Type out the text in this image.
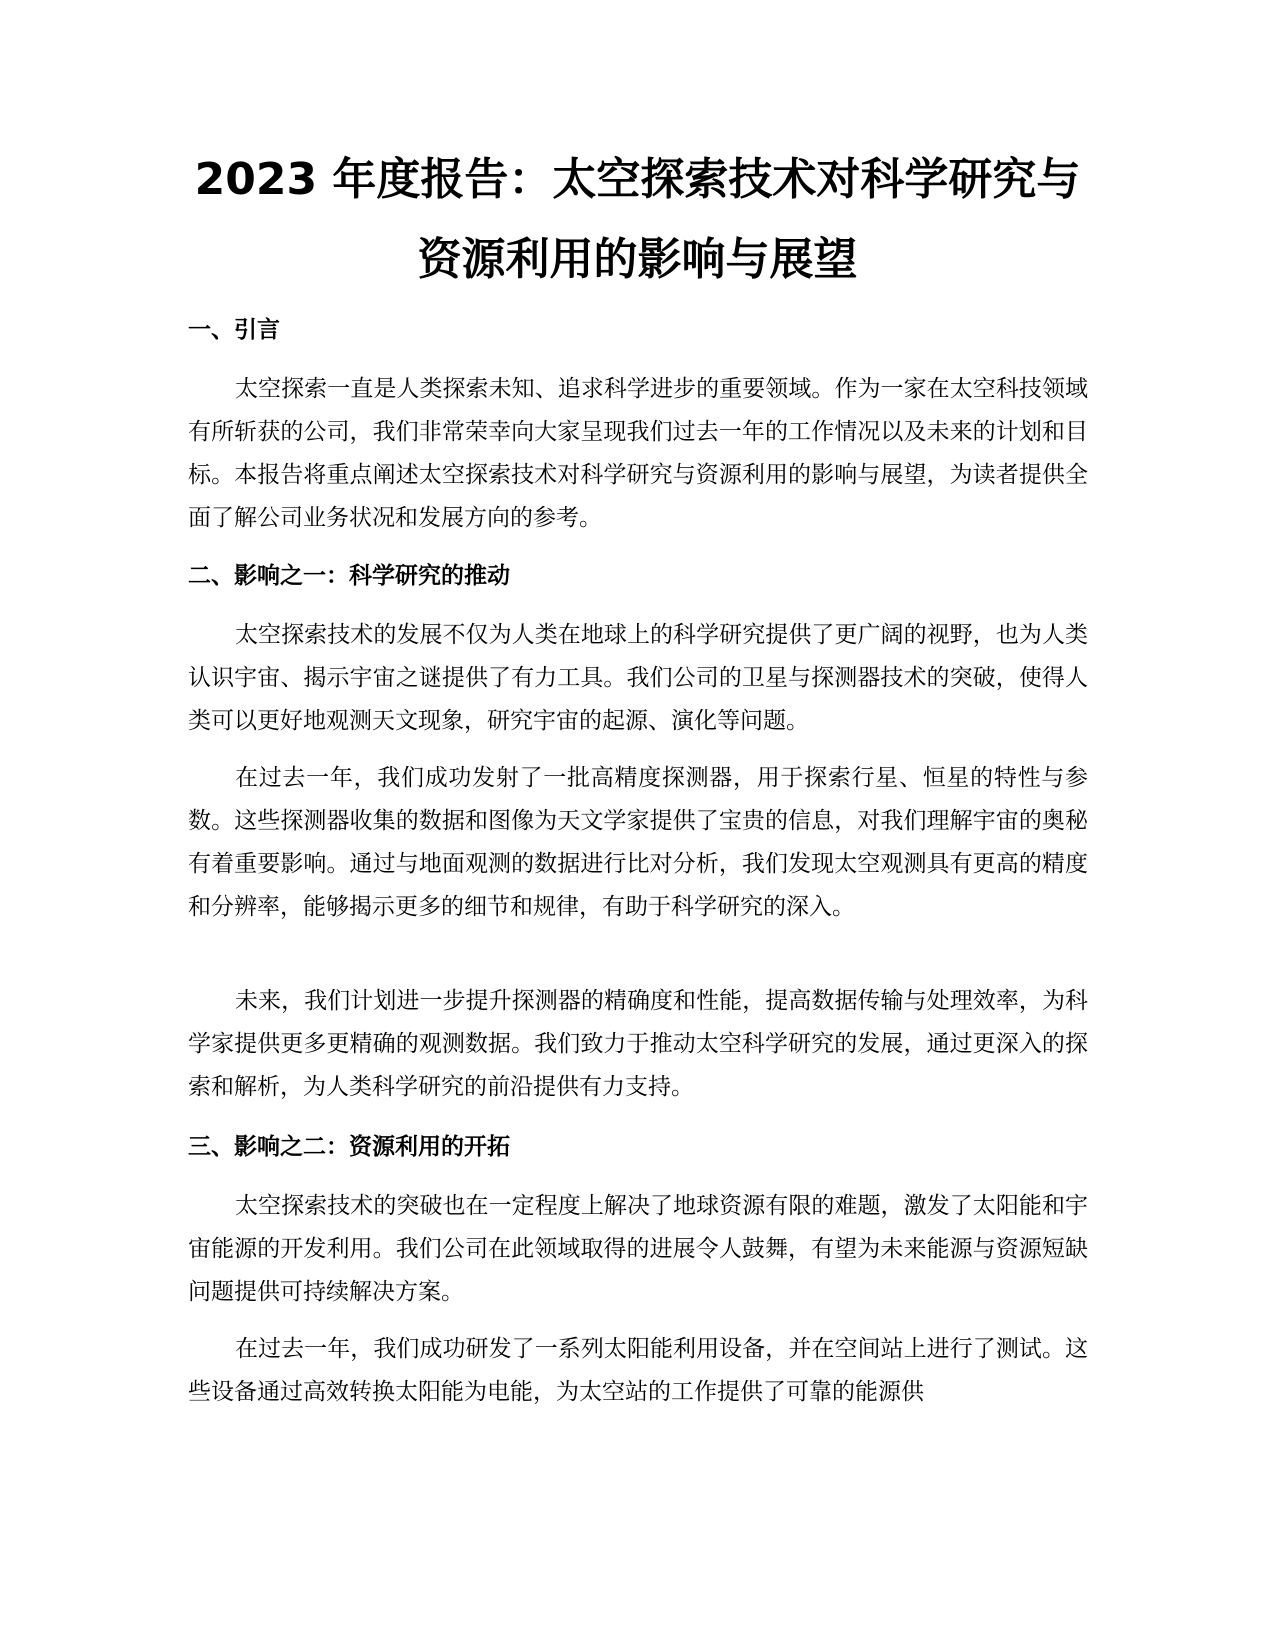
2023 年度报告：太空探索技术对科学研究与
资源利用的影响与展望
一、引言

太空探索一直是人类探索未知、追求科学进步的重要领域。作为一家在太空科技领域有所斩获的公司，我们非常荣幸向大家呈现我们过去一年的工作情况以及未来的计划和目标。本报告将重点阐述太空探索技术对科学研究与资源利用的影响与展望，为读者提供全面了解公司业务状况和发展方向的参考。

二、影响之一：科学研究的推动

太空探索技术的发展不仅为人类在地球上的科学研究提供了更广阔的视野，也为人类认识宇宙、揭示宇宙之谜提供了有力工具。我们公司的卫星与探测器技术的突破，使得人类可以更好地观测天文现象，研究宇宙的起源、演化等问题。

在过去一年，我们成功发射了一批高精度探测器，用于探索行星、恒星的特性与参数。这些探测器收集的数据和图像为天文学家提供了宝贵的信息，对我们理解宇宙的奥秘有着重要影响。通过与地面观测的数据进行比对分析，我们发现太空观测具有更高的精度和分辨率，能够揭示更多的细节和规律，有助于科学研究的深入。

未来，我们计划进一步提升探测器的精确度和性能，提高数据传输与处理效率，为科学家提供更多更精确的观测数据。我们致力于推动太空科学研究的发展，通过更深入的探索和解析，为人类科学研究的前沿提供有力支持。

三、影响之二：资源利用的开拓

太空探索技术的突破也在一定程度上解决了地球资源有限的难题，激发了太阳能和宇宙能源的开发利用。我们公司在此领域取得的进展令人鼓舞，有望为未来能源与资源短缺问题提供可持续解决方案。

在过去一年，我们成功研发了一系列太阳能利用设备，并在空间站上进行了测试。这些设备通过高效转换太阳能为电能，为太空站的工作提供了可靠的能源供
